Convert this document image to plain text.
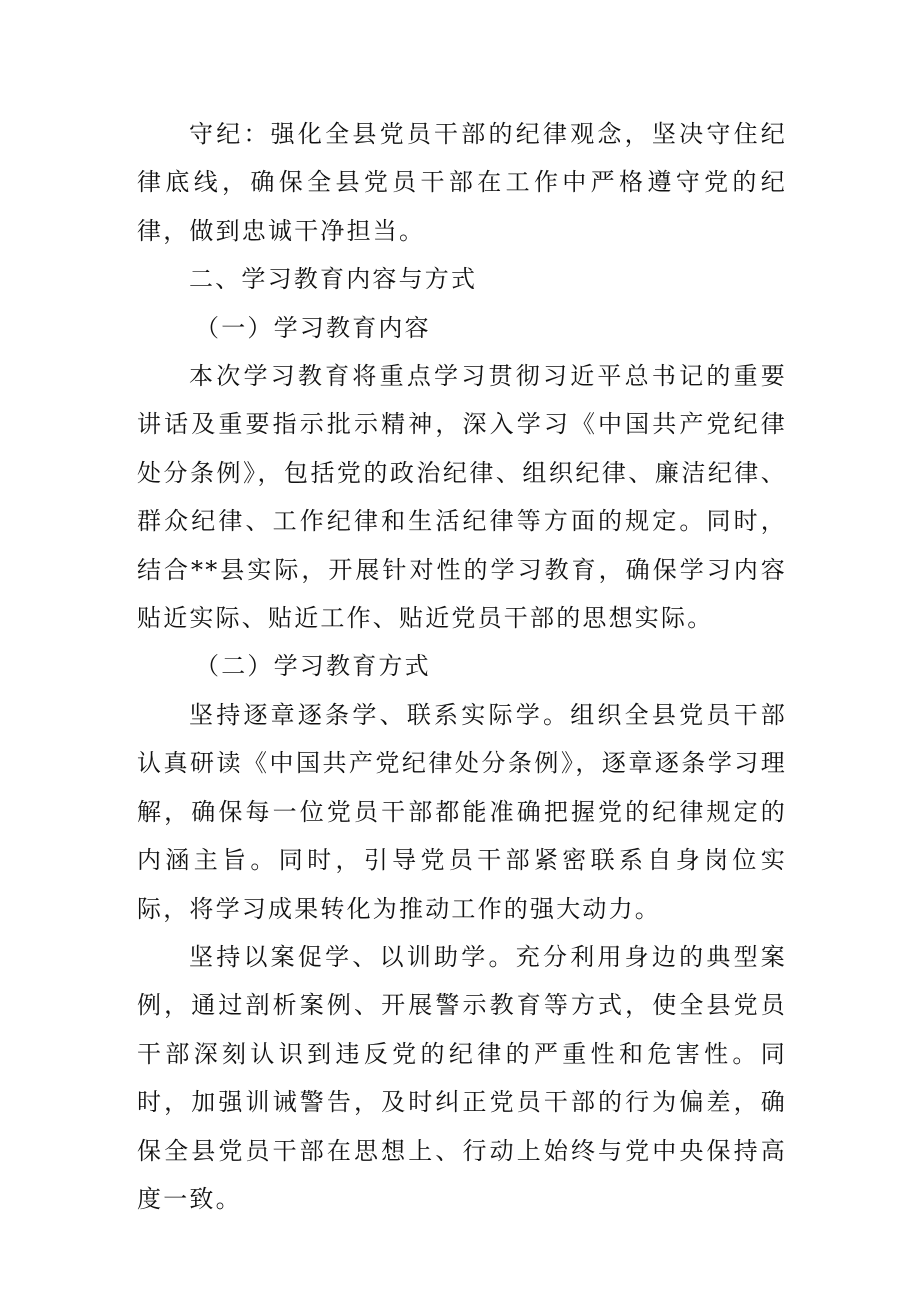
守纪：强化全县党员干部的纪律观念，坚决守住纪律底线，确保全县党员干部在工作中严格遵守党的纪律，做到忠诚干净担当。

二、学习教育内容与方式

（一）学习教育内容

本次学习教育将重点学习贯彻习近平总书记的重要讲话及重要指示批示精神，深入学习《中国共产党纪律处分条例》，包括党的政治纪律、组织纪律、廉洁纪律、群众纪律、工作纪律和生活纪律等方面的规定。同时，结合**县实际，开展针对性的学习教育，确保学习内容贴近实际、贴近工作、贴近党员干部的思想实际。

（二）学习教育方式

坚持逐章逐条学、联系实际学。组织全县党员干部认真研读《中国共产党纪律处分条例》，逐章逐条学习理解，确保每一位党员干部都能准确把握党的纪律规定的内涵主旨。同时，引导党员干部紧密联系自身岗位实际，将学习成果转化为推动工作的强大动力。

坚持以案促学、以训助学。充分利用身边的典型案例，通过剖析案例、开展警示教育等方式，使全县党员干部深刻认识到违反党的纪律的严重性和危害性。同时，加强训诫警告，及时纠正党员干部的行为偏差，确保全县党员干部在思想上、行动上始终与党中央保持高度一致。
